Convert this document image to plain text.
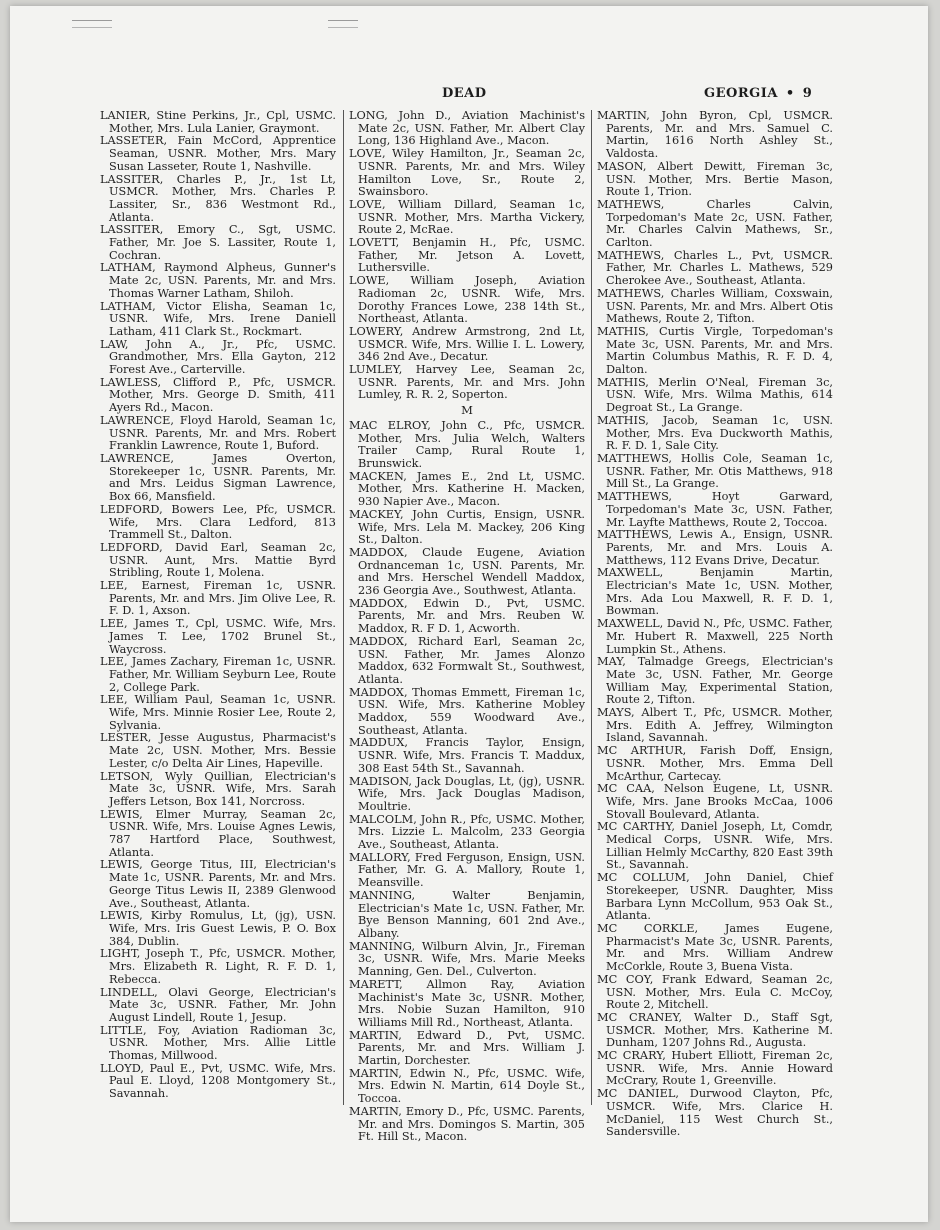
DEAD	GEORGIA • 9

LANIER, Stine Perkins, Jr., Cpl, USMC. Mother, Mrs. Lula Lanier, Graymont.

LASSETER, Fain McCord, Apprentice Seaman, USNR. Mother, Mrs. Mary Susan Lasseter, Route 1, Nashville.

LASSITER, Charles P., Jr., 1st Lt, USMCR. Mother, Mrs. Charles P. Lassiter, Sr., 836 Westmont Rd., Atlanta.

LASSITER, Emory C., Sgt, USMC. Father, Mr. Joe S. Lassiter, Route 1, Cochran.

LATHAM, Raymond Alpheus, Gunner's Mate 2c, USN. Parents, Mr. and Mrs. Thomas Warner Latham, Shiloh.

LATHAM, Victor Elisha, Seaman 1c, USNR. Wife, Mrs. Irene Daniell Latham, 411 Clark St., Rockmart.

LAW, John A., Jr., Pfc, USMC. Grandmother, Mrs. Ella Gayton, 212 Forest Ave., Carterville.

LAWLESS, Clifford P., Pfc, USMCR. Mother, Mrs. George D. Smith, 411 Ayers Rd., Macon.

LAWRENCE, Floyd Harold, Seaman 1c, USNR. Parents, Mr. and Mrs. Robert Franklin Lawrence, Route 1, Buford.

LAWRENCE, James Overton, Storekeeper 1c, USNR. Parents, Mr. and Mrs. Leidus Sigman Lawrence, Box 66, Mansfield.

LEDFORD, Bowers Lee, Pfc, USMCR. Wife, Mrs. Clara Ledford, 813 Trammell St., Dalton.

LEDFORD, David Earl, Seaman 2c, USNR. Aunt, Mrs. Mattie Byrd Stribling, Route 1, Molena.

LEE, Earnest, Fireman 1c, USNR. Parents, Mr. and Mrs. Jim Olive Lee, R. F. D. 1, Axson.

LEE, James T., Cpl, USMC. Wife, Mrs. James T. Lee, 1702 Brunel St., Waycross.

LEE, James Zachary, Fireman 1c, USNR. Father, Mr. William Seyburn Lee, Route 2, College Park.

LEE, William Paul, Seaman 1c, USNR. Wife, Mrs. Minnie Rosier Lee, Route 2, Sylvania.

LESTER, Jesse Augustus, Pharmacist's Mate 2c, USN. Mother, Mrs. Bessie Lester, c/o Delta Air Lines, Hapeville.

LETSON, Wyly Quillian, Electrician's Mate 3c, USNR. Wife, Mrs. Sarah Jeffers Letson, Box 141, Norcross.

LEWIS, Elmer Murray, Seaman 2c, USNR. Wife, Mrs. Louise Agnes Lewis, 787 Hartford Place, Southwest, Atlanta.

LEWIS, George Titus, III, Electrician's Mate 1c, USNR. Parents, Mr. and Mrs. George Titus Lewis II, 2389 Glenwood Ave., Southeast, Atlanta.

LEWIS, Kirby Romulus, Lt, (jg), USN. Wife, Mrs. Iris Guest Lewis, P. O. Box 384, Dublin.

LIGHT, Joseph T., Pfc, USMCR. Mother, Mrs. Elizabeth R. Light, R. F. D. 1, Rebecca.

LINDELL, Olavi George, Electrician's Mate 3c, USNR. Father, Mr. John August Lindell, Route 1, Jesup.

LITTLE, Foy, Aviation Radioman 3c, USNR. Mother, Mrs. Allie Little Thomas, Millwood.

LLOYD, Paul E., Pvt, USMC. Wife, Mrs. Paul E. Lloyd, 1208 Montgomery St., Savannah.

LONG, John D., Aviation Machinist's Mate 2c, USN. Father, Mr. Albert Clay Long, 136 Highland Ave., Macon.

LOVE, Wiley Hamilton, Jr., Seaman 2c, USNR. Parents, Mr. and Mrs. Wiley Hamilton Love, Sr., Route 2, Swainsboro.

LOVE, William Dillard, Seaman 1c, USNR. Mother, Mrs. Martha Vickery, Route 2, McRae.

LOVETT, Benjamin H., Pfc, USMC. Father, Mr. Jetson A. Lovett, Luthersville.

LOWE, William Joseph, Aviation Radioman 2c, USNR. Wife, Mrs. Dorothy Frances Lowe, 238 14th St., Northeast, Atlanta.

LOWERY, Andrew Armstrong, 2nd Lt, USMCR. Wife, Mrs. Willie I. L. Lowery, 346 2nd Ave., Decatur.

LUMLEY, Harvey Lee, Seaman 2c, USNR. Parents, Mr. and Mrs. John Lumley, R. R. 2, Soperton.

M

MAC ELROY, John C., Pfc, USMCR. Mother, Mrs. Julia Welch, Walters Trailer Camp, Rural Route 1, Brunswick.

MACKEN, James E., 2nd Lt, USMC. Mother, Mrs. Katherine H. Macken, 930 Napier Ave., Macon.

MACKEY, John Curtis, Ensign, USNR. Wife, Mrs. Lela M. Mackey, 206 King St., Dalton.

MADDOX, Claude Eugene, Aviation Ordnanceman 1c, USN. Parents, Mr. and Mrs. Herschel Wendell Maddox, 236 Georgia Ave., Southwest, Atlanta.

MADDOX, Edwin D., Pvt, USMC. Parents, Mr. and Mrs. Reuben W. Maddox, R. F D. 1, Acworth.

MADDOX, Richard Earl, Seaman 2c, USN. Father, Mr. James Alonzo Maddox, 632 Formwalt St., Southwest, Atlanta.

MADDOX, Thomas Emmett, Fireman 1c, USN. Wife, Mrs. Katherine Mobley Maddox, 559 Woodward Ave., Southeast, Atlanta.

MADDUX, Francis Taylor, Ensign, USNR. Wife, Mrs. Francis T. Maddux, 308 East 54th St., Savannah.

MADISON, Jack Douglas, Lt, (jg), USNR. Wife, Mrs. Jack Douglas Madison, Moultrie.

MALCOLM, John R., Pfc, USMC. Mother, Mrs. Lizzie L. Malcolm, 233 Georgia Ave., Southeast, Atlanta.

MALLORY, Fred Ferguson, Ensign, USN. Father, Mr. G. A. Mallory, Route 1, Meansville.

MANNING, Walter Benjamin, Electrician's Mate 1c, USN. Father, Mr. Bye Benson Manning, 601 2nd Ave., Albany.

MANNING, Wilburn Alvin, Jr., Fireman 3c, USNR. Wife, Mrs. Marie Meeks Manning, Gen. Del., Culverton.

MARETT, Allmon Ray, Aviation Machinist's Mate 3c, USNR. Mother, Mrs. Nobie Suzan Hamilton, 910 Williams Mill Rd., Northeast, Atlanta.

MARTIN, Edward D., Pvt, USMC. Parents, Mr. and Mrs. William J. Martin, Dorchester.

MARTIN, Edwin N., Pfc, USMC. Wife, Mrs. Edwin N. Martin, 614 Doyle St., Toccoa.

MARTIN, Emory D., Pfc, USMC. Parents, Mr. and Mrs. Domingos S. Martin, 305 Ft. Hill St., Macon.

MARTIN, John Byron, Cpl, USMCR. Parents, Mr. and Mrs. Samuel C. Martin, 1616 North Ashley St., Valdosta.

MASON, Albert Dewitt, Fireman 3c, USN. Mother, Mrs. Bertie Mason, Route 1, Trion.

MATHEWS, Charles Calvin, Torpedoman's Mate 2c, USN. Father, Mr. Charles Calvin Mathews, Sr., Carlton.

MATHEWS, Charles L., Pvt, USMCR. Father, Mr. Charles L. Mathews, 529 Cherokee Ave., Southeast, Atlanta.

MATHEWS, Charles William, Coxswain, USN. Parents, Mr. and Mrs. Albert Otis Mathews, Route 2, Tifton.

MATHIS, Curtis Virgle, Torpedoman's Mate 3c, USN. Parents, Mr. and Mrs. Martin Columbus Mathis, R. F. D. 4, Dalton.

MATHIS, Merlin O'Neal, Fireman 3c, USN. Wife, Mrs. Wilma Mathis, 614 Degroat St., La Grange.

MATHIS, Jacob, Seaman 1c, USN. Mother, Mrs. Eva Duckworth Mathis, R. F. D. 1, Sale City.

MATTHEWS, Hollis Cole, Seaman 1c, USNR. Father, Mr. Otis Matthews, 918 Mill St., La Grange.

MATTHEWS, Hoyt Garward, Torpedoman's Mate 3c, USN. Father, Mr. Layfte Matthews, Route 2, Toccoa.

MATTHEWS, Lewis A., Ensign, USNR. Parents, Mr. and Mrs. Louis A. Matthews, 112 Evans Drive, Decatur.

MAXWELL, Benjamin Martin, Electrician's Mate 1c, USN. Mother, Mrs. Ada Lou Maxwell, R. F. D. 1, Bowman.

MAXWELL, David N., Pfc, USMC. Father, Mr. Hubert R. Maxwell, 225 North Lumpkin St., Athens.

MAY, Talmadge Greegs, Electrician's Mate 3c, USN. Father, Mr. George William May, Experimental Station, Route 2, Tifton.

MAYS, Albert T., Pfc, USMCR. Mother, Mrs. Edith A. Jeffrey, Wilmington Island, Savannah.

MC ARTHUR, Farish Doff, Ensign, USNR. Mother, Mrs. Emma Dell McArthur, Cartecay.

MC CAA, Nelson Eugene, Lt, USNR. Wife, Mrs. Jane Brooks McCaa, 1006 Stovall Boulevard, Atlanta.

MC CARTHY, Daniel Joseph, Lt, Comdr, Medical Corps, USNR. Wife, Mrs. Lillian Helmly McCarthy, 820 East 39th St., Savannah.

MC COLLUM, John Daniel, Chief Storekeeper, USNR. Daughter, Miss Barbara Lynn McCollum, 953 Oak St., Atlanta.

MC CORKLE, James Eugene, Pharmacist's Mate 3c, USNR. Parents, Mr. and Mrs. William Andrew McCorkle, Route 3, Buena Vista.

MC COY, Frank Edward, Seaman 2c, USN. Mother, Mrs. Eula C. McCoy, Route 2, Mitchell.

MC CRANEY, Walter D., Staff Sgt, USMCR. Mother, Mrs. Katherine M. Dunham, 1207 Johns Rd., Augusta.

MC CRARY, Hubert Elliott, Fireman 2c, USNR. Wife, Mrs. Annie Howard McCrary, Route 1, Greenville.

MC DANIEL, Durwood Clayton, Pfc, USMCR. Wife, Mrs. Clarice H. McDaniel, 115 West Church St., Sandersville.
